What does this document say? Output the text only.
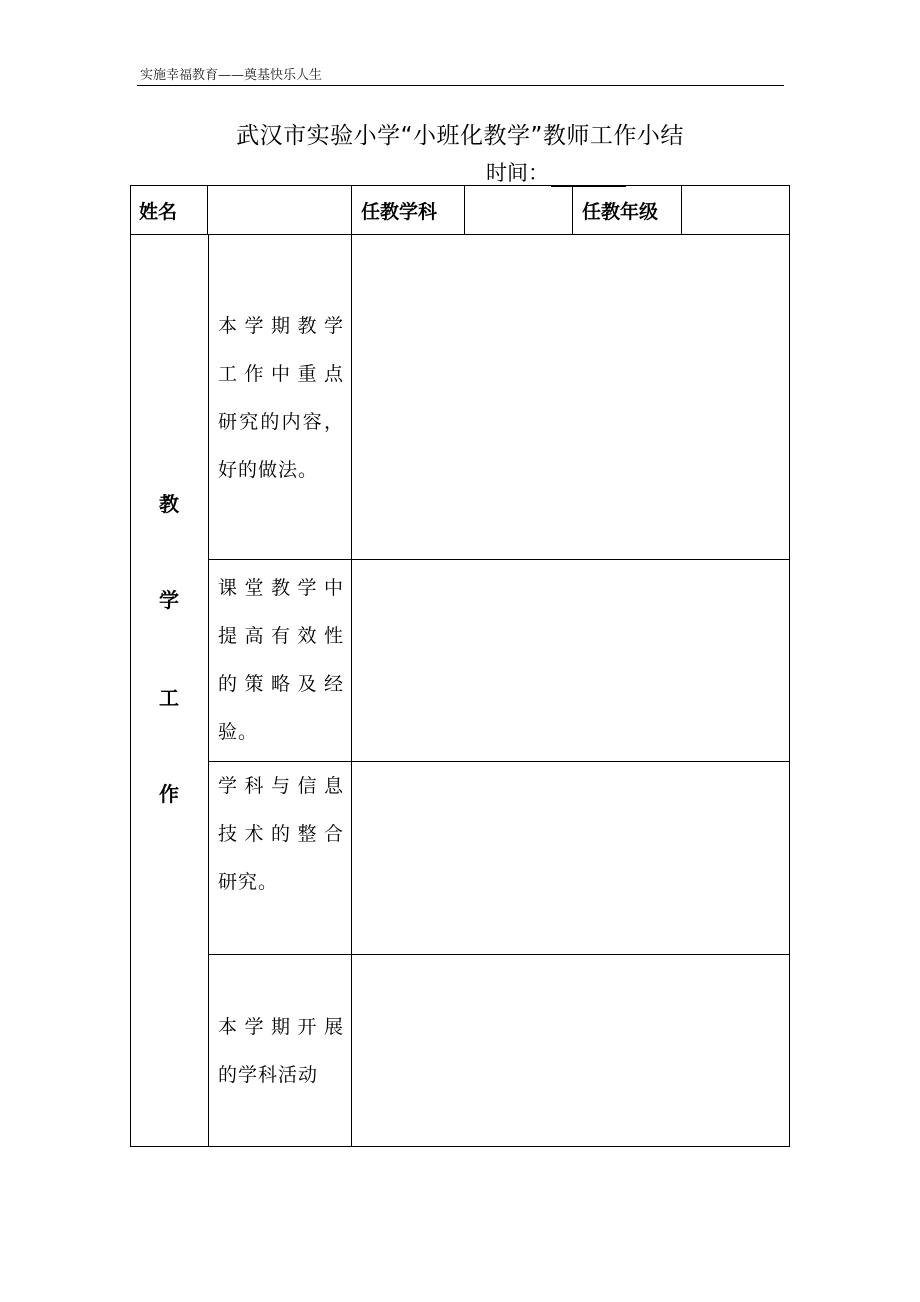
实施幸福教育——奠基快乐人生
武汉市实验小学“小班化教学”教师工作小结
时间：
姓名	任教学科	任教年级
教
学
工
作
本学期教学
工作中重点
研究的内容，
好的做法。
课堂教学中
提高有效性
的策略及经
验。
学科与信息
技术的整合
研究。
本学期开展
的学科活动
